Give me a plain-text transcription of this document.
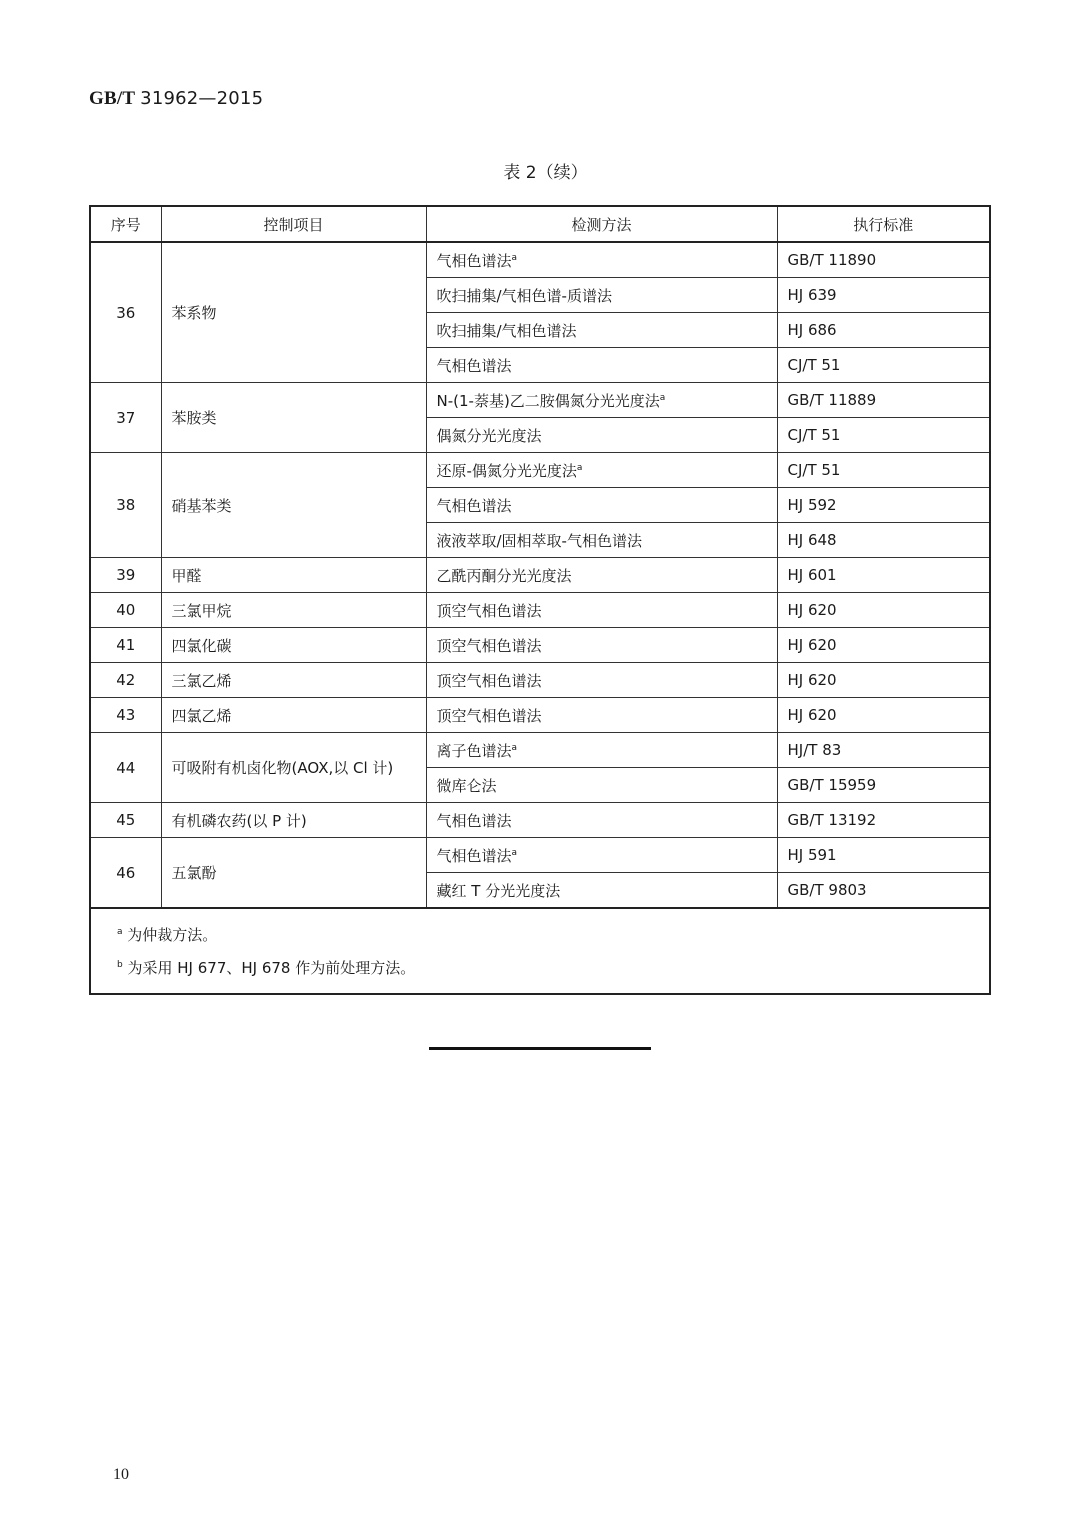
GB/T 31962—2015
表 2（续）
序号	控制项目	检测方法	执行标准
36	苯系物	气相色谱法$^a$	GB/T 11890
		吹扫捕集/气相色谱-质谱法	HJ 639
		吹扫捕集/气相色谱法	HJ 686
		气相色谱法	CJ/T 51
37	苯胺类	N-(1-萘基)乙二胺偶氮分光光度法$^a$	GB/T 11889
		偶氮分光光度法	CJ/T 51
38	硝基苯类	还原-偶氮分光光度法$^a$	CJ/T 51
		气相色谱法	HJ 592
		液液萃取/固相萃取-气相色谱法	HJ 648
39	甲醛	乙酰丙酮分光光度法	HJ 601
40	三氯甲烷	顶空气相色谱法	HJ 620
41	四氯化碳	顶空气相色谱法	HJ 620
42	三氯乙烯	顶空气相色谱法	HJ 620
43	四氯乙烯	顶空气相色谱法	HJ 620
44	可吸附有机卤化物(AOX,以 Cl 计)	离子色谱法$^a$	HJ/T 83
		微库仑法	GB/T 15959
45	有机磷农药(以 P 计)	气相色谱法	GB/T 13192
46	五氯酚	气相色谱法$^a$	HJ 591
		藏红 T 分光光度法	GB/T 9803

$^a$ 为仲裁方法。
$^b$ 为采用 HJ 677、HJ 678 作为前处理方法。			
10
